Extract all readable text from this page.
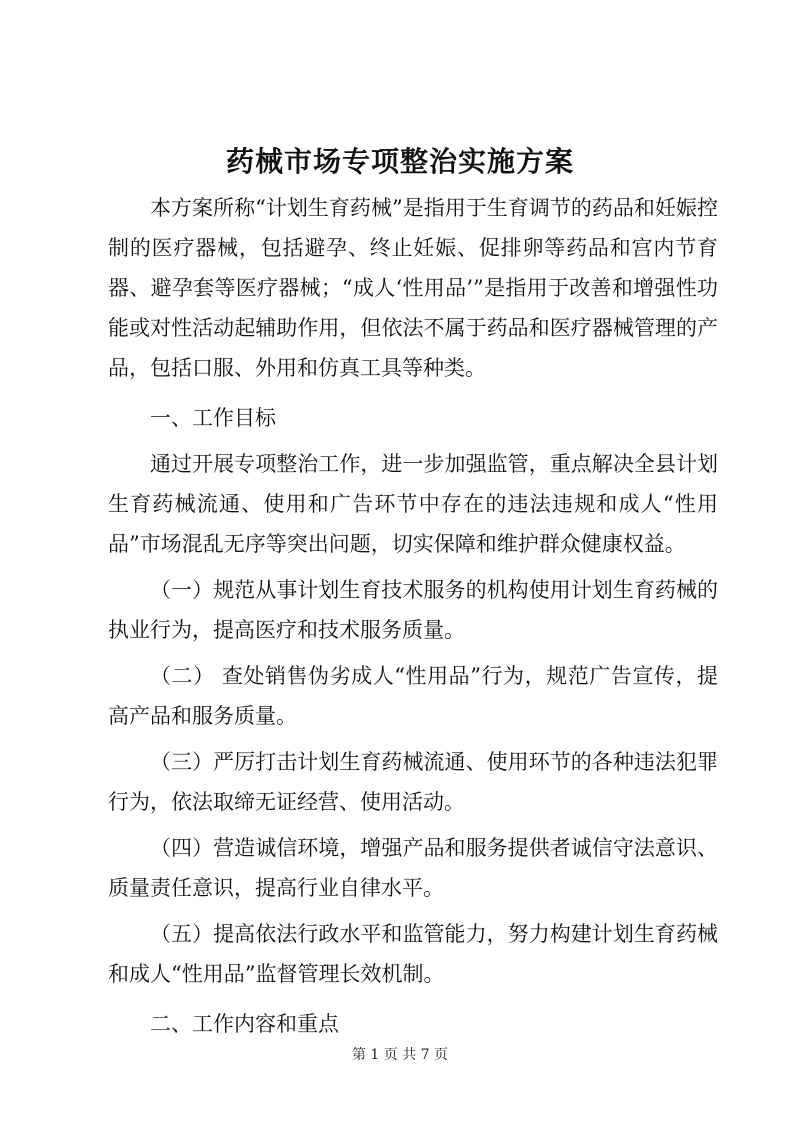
药械市场专项整治实施方案

本方案所称“计划生育药械”是指用于生育调节的药品和妊娠控制的医疗器械，包括避孕、终止妊娠、促排卵等药品和宫内节育器、避孕套等医疗器械；“成人‘性用品’”是指用于改善和增强性功能或对性活动起辅助作用，但依法不属于药品和医疗器械管理的产品，包括口服、外用和仿真工具等种类。

一、工作目标

通过开展专项整治工作，进一步加强监管，重点解决全县计划生育药械流通、使用和广告环节中存在的违法违规和成人“性用品”市场混乱无序等突出问题，切实保障和维护群众健康权益。

（一）规范从事计划生育技术服务的机构使用计划生育药械的执业行为，提高医疗和技术服务质量。

（二） 查处销售伪劣成人“性用品”行为，规范广告宣传，提高产品和服务质量。

（三）严厉打击计划生育药械流通、使用环节的各种违法犯罪行为，依法取缔无证经营、使用活动。

（四）营造诚信环境，增强产品和服务提供者诚信守法意识、质量责任意识，提高行业自律水平。

（五）提高依法行政水平和监管能力，努力构建计划生育药械和成人“性用品”监督管理长效机制。

二、工作内容和重点

第 1 页 共 7 页
